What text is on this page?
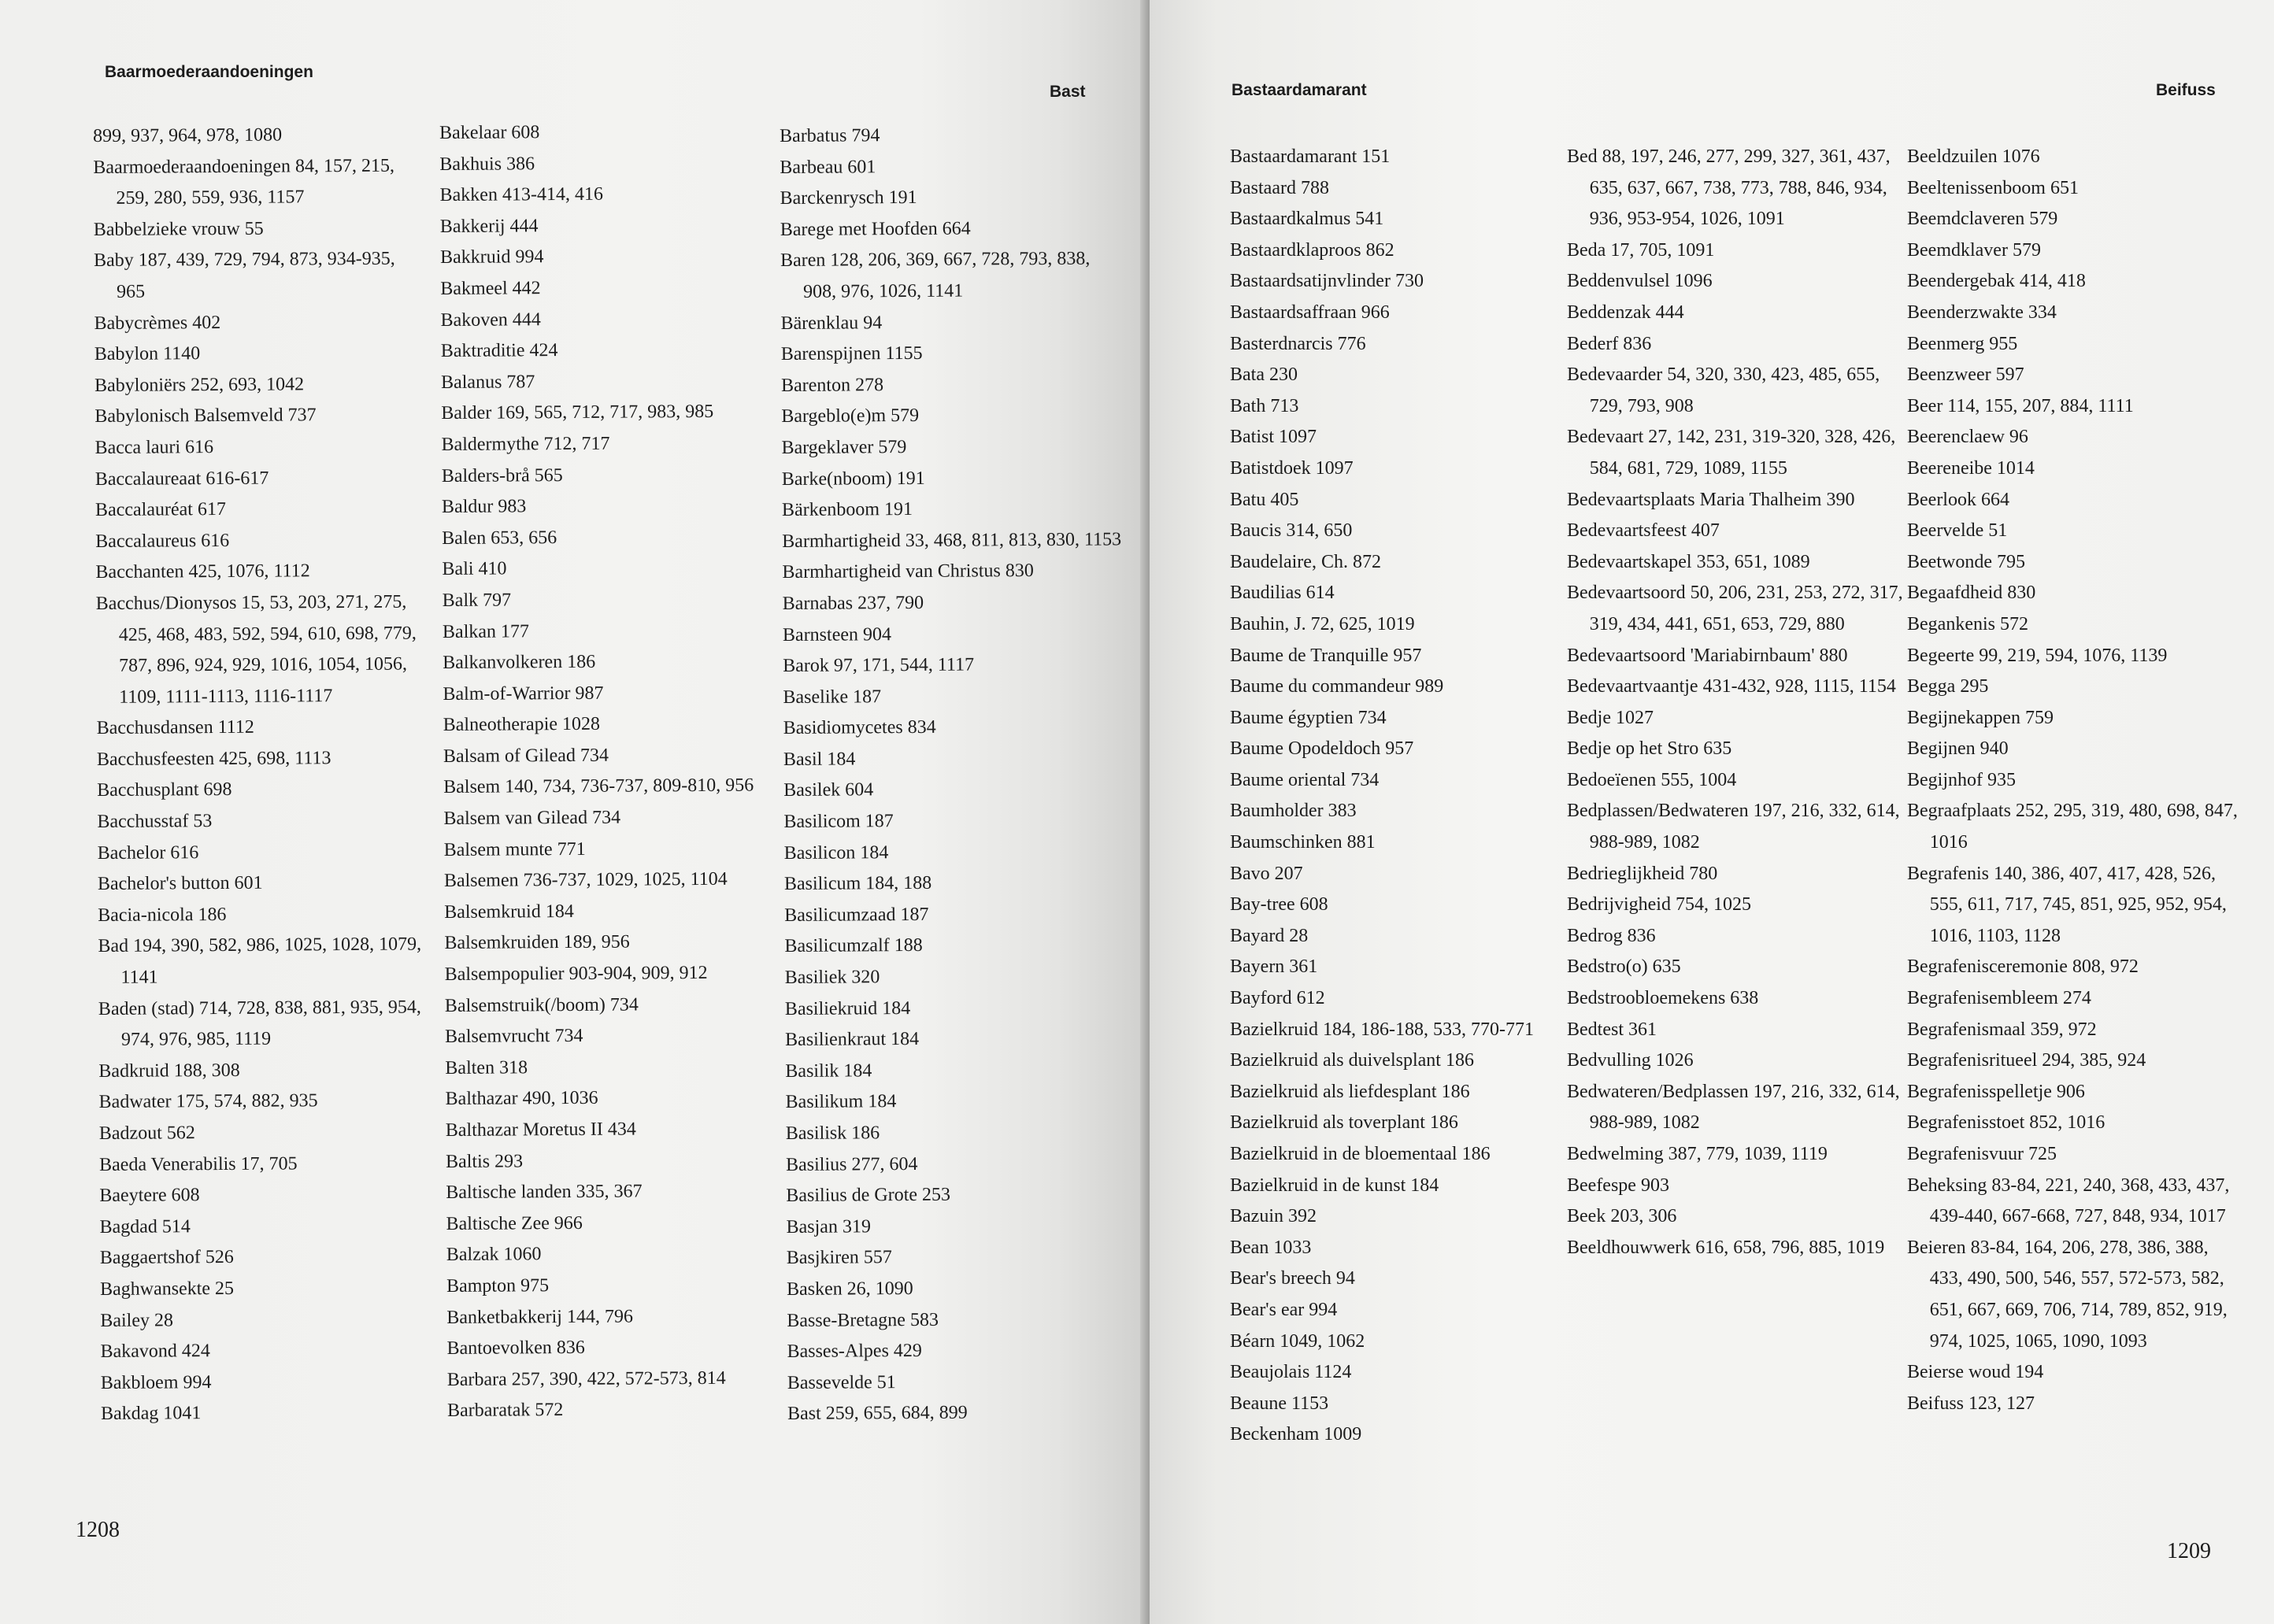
Baarmoederaandoeningen
Bast
899, 937, 964, 978, 1080
Baarmoederaandoeningen 84, 157, 215, 259, 280, 559, 936, 1157
Babbelzieke vrouw 55
Baby 187, 439, 729, 794, 873, 934-935, 965
Babycrèmes 402
Babylon 1140
Babyloniërs 252, 693, 1042
Babylonisch Balsemveld 737
Bacca lauri 616
Baccalaureaat 616-617
Baccalauréat 617
Baccalaureus 616
Bacchanten 425, 1076, 1112
Bacchus/Dionysos 15, 53, 203, 271, 275, 425, 468, 483, 592, 594, 610, 698, 779, 787, 896, 924, 929, 1016, 1054, 1056, 1109, 1111-1113, 1116-1117
Bacchusdansen 1112
Bacchusfeesten 425, 698, 1113
Bacchusplant 698
Bacchusstaf 53
Bachelor 616
Bachelor's button 601
Bacia-nicola 186
Bad 194, 390, 582, 986, 1025, 1028, 1079, 1141
Baden (stad) 714, 728, 838, 881, 935, 954, 974, 976, 985, 1119
Badkruid 188, 308
Badwater 175, 574, 882, 935
Badzout 562
Baeda Venerabilis 17, 705
Baeytere 608
Bagdad 514
Baggaertshof 526
Baghwansekte 25
Bailey 28
Bakavond 424
Bakbloem 994
Bakdag 1041
Bakelaar 608
Bakhuis 386
Bakken 413-414, 416
Bakkerij 444
Bakkruid 994
Bakmeel 442
Bakoven 444
Baktraditie 424
Balanus 787
Balder 169, 565, 712, 717, 983, 985
Baldermythe 712, 717
Balders-brå 565
Baldur 983
Balen 653, 656
Bali 410
Balk 797
Balkan 177
Balkanvolkeren 186
Balm-of-Warrior 987
Balneotherapie 1028
Balsam of Gilead 734
Balsem 140, 734, 736-737, 809-810, 956
Balsem van Gilead 734
Balsem munte 771
Balsemen 736-737, 1029, 1025, 1104
Balsemkruid 184
Balsemkruiden 189, 956
Balsempopulier 903-904, 909, 912
Balsemstruik(/boom) 734
Balsemvrucht 734
Balten 318
Balthazar 490, 1036
Balthazar Moretus II 434
Baltis 293
Baltische landen 335, 367
Baltische Zee 966
Balzak 1060
Bampton 975
Banketbakkerij 144, 796
Bantoevolken 836
Barbara 257, 390, 422, 572-573, 814
Barbaratak 572
Barbatus 794
Barbeau 601
Barckenrysch 191
Barege met Hoofden 664
Baren 128, 206, 369, 667, 728, 793, 838, 908, 976, 1026, 1141
Bärenklau 94
Barenspijnen 1155
Barenton 278
Bargeblo(e)m 579
Bargeklaver 579
Barke(nboom) 191
Bärkenboom 191
Barmhartigheid 33, 468, 811, 813, 830, 1153
Barmhartigheid van Christus 830
Barnabas 237, 790
Barnsteen 904
Barok 97, 171, 544, 1117
Baselike 187
Basidiomycetes 834
Basil 184
Basilek 604
Basilicom 187
Basilicon 184
Basilicum 184, 188
Basilicumzaad 187
Basilicumzalf 188
Basiliek 320
Basiliekruid 184
Basilienkraut 184
Basilik 184
Basilikum 184
Basilisk 186
Basilius 277, 604
Basilius de Grote 253
Basjan 319
Basjkiren 557
Basken 26, 1090
Basse-Bretagne 583
Basses-Alpes 429
Bassevelde 51
Bast 259, 655, 684, 899
1208
Bastaardamarant	Beifuss
Bastaardamarant 151
Bastaard 788
Bastaardkalmus 541
Bastaardklaproos 862
Bastaardsatijnvlinder 730
Bastaardsaffraan 966
Basterdnarcis 776
Bata 230
Bath 713
Batist 1097
Batistdoek 1097
Batu 405
Baucis 314, 650
Baudelaire, Ch. 872
Baudilias 614
Bauhin, J. 72, 625, 1019
Baume de Tranquille 957
Baume du commandeur 989
Baume égyptien 734
Baume Opodeldoch 957
Baume oriental 734
Baumholder 383
Baumschinken 881
Bavo 207
Bay-tree 608
Bayard 28
Bayern 361
Bayford 612
Bazielkruid 184, 186-188, 533, 770-771
Bazielkruid als duivelsplant 186
Bazielkruid als liefdesplant 186
Bazielkruid als toverplant 186
Bazielkruid in de bloementaal 186
Bazielkruid in de kunst 184
Bazuin 392
Bean 1033
Bear's breech 94
Bear's ear 994
Béarn 1049, 1062
Beaujolais 1124
Beaune 1153
Beckenham 1009
Bed 88, 197, 246, 277, 299, 327, 361, 437, 635, 637, 667, 738, 773, 788, 846, 934, 936, 953-954, 1026, 1091
Beda 17, 705, 1091
Beddenvulsel 1096
Beddenzak 444
Bederf 836
Bedevaarder 54, 320, 330, 423, 485, 655, 729, 793, 908
Bedevaart 27, 142, 231, 319-320, 328, 426, 584, 681, 729, 1089, 1155
Bedevaartsplaats Maria Thalheim 390
Bedevaartsfeest 407
Bedevaartskapel 353, 651, 1089
Bedevaartsoord 50, 206, 231, 253, 272, 317, 319, 434, 441, 651, 653, 729, 880
Bedevaartsoord 'Mariabirnbaum' 880
Bedevaartvaantje 431-432, 928, 1115, 1154
Bedje 1027
Bedje op het Stro 635
Bedoeïenen 555, 1004
Bedplassen/Bedwateren 197, 216, 332, 614, 988-989, 1082
Bedrieglijkheid 780
Bedrijvigheid 754, 1025
Bedrog 836
Bedstro(o) 635
Bedstroobloemekens 638
Bedtest 361
Bedvulling 1026
Bedwateren/Bedplassen 197, 216, 332, 614, 988-989, 1082
Bedwelming 387, 779, 1039, 1119
Beefespe 903
Beek 203, 306
Beeldhouwwerk 616, 658, 796, 885, 1019
Beeldzuilen 1076
Beeltenissenboom 651
Beemdclaveren 579
Beemdklaver 579
Beendergebak 414, 418
Beenderzwakte 334
Beenmerg 955
Beenzweer 597
Beer 114, 155, 207, 884, 1111
Beerenclaew 96
Beereneibe 1014
Beerlook 664
Beervelde 51
Beetwonde 795
Begaafdheid 830
Begankenis 572
Begeerte 99, 219, 594, 1076, 1139
Begga 295
Begijnekappen 759
Begijnen 940
Begijnhof 935
Begraafplaats 252, 295, 319, 480, 698, 847, 1016
Begrafenis 140, 386, 407, 417, 428, 526, 555, 611, 717, 745, 851, 925, 952, 954, 1016, 1103, 1128
Begrafenisceremonie 808, 972
Begrafenisembleem 274
Begrafenismaal 359, 972
Begrafenisritueel 294, 385, 924
Begrafenisspelletje 906
Begrafenisstoet 852, 1016
Begrafenisvuur 725
Beheksing 83-84, 221, 240, 368, 433, 437, 439-440, 667-668, 727, 848, 934, 1017
Beieren 83-84, 164, 206, 278, 386, 388, 433, 490, 500, 546, 557, 572-573, 582, 651, 667, 669, 706, 714, 789, 852, 919, 974, 1025, 1065, 1090, 1093
Beierse woud 194
Beifuss 123, 127
1209
